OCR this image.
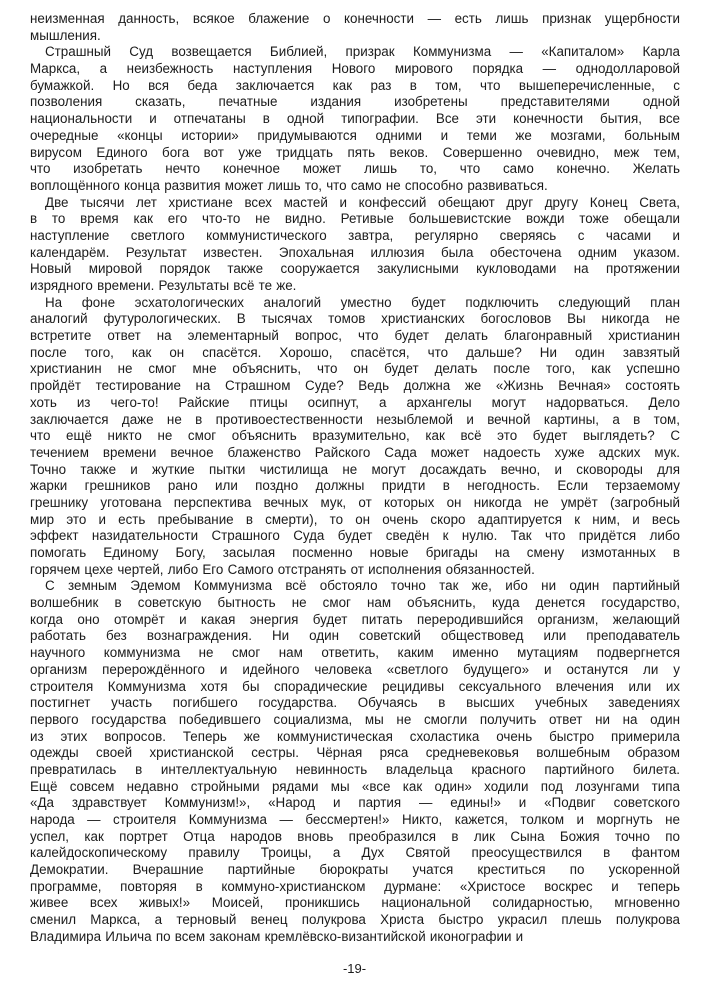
неизменная данность, всякое блажение о конечности — есть лишь признак ущербности
мышления.
Страшный Суд возвещается Библией, призрак Коммунизма — «Капиталом» Карла
Маркса, а неизбежность наступления Нового мирового порядка — однодолларовой
бумажкой. Но вся беда заключается как раз в том, что вышеперечисленные, с
позволения сказать, печатные издания изобретены представителями одной
национальности и отпечатаны в одной типографии. Все эти конечности бытия, все
очередные «концы истории» придумываются одними и теми же мозгами, больным
вирусом Единого бога вот уже тридцать пять веков. Совершенно очевидно, меж тем,
что изобретать нечто конечное может лишь то, что само конечно. Желать
воплощённого конца развития может лишь то, что само не способно развиваться.
Две тысячи лет христиане всех мастей и конфессий обещают друг другу Конец Света,
в то время как его что-то не видно. Ретивые большевистские вожди тоже обещали
наступление светлого коммунистического завтра, регулярно сверяясь с часами и
календарём. Результат известен. Эпохальная иллюзия была обесточена одним указом.
Новый мировой порядок также сооружается закулисными кукловодами на протяжении
изрядного времени. Результаты всё те же.
На фоне эсхатологических аналогий уместно будет подключить следующий план
аналогий футурологических. В тысячах томов христианских богословов Вы никогда не
встретите ответ на элементарный вопрос, что будет делать благонравный христианин
после того, как он спасётся. Хорошо, спасётся, что дальше? Ни один завзятый
христианин не смог мне объяснить, что он будет делать после того, как успешно
пройдёт тестирование на Страшном Суде? Ведь должна же «Жизнь Вечная» состоять
хоть из чего-то! Райские птицы осипнут, а архангелы могут надорваться. Дело
заключается даже не в противоестественности незыблемой и вечной картины, а в том,
что ещё никто не смог объяснить вразумительно, как всё это будет выглядеть? С
течением времени вечное блаженство Райского Сада может надоесть хуже адских мук.
Точно также и жуткие пытки чистилища не могут досаждать вечно, и сковороды для
жарки грешников рано или поздно должны придти в негодность. Если терзаемому
грешнику уготована перспектива вечных мук, от которых он никогда не умрёт (загробный
мир это и есть пребывание в смерти), то он очень скоро адаптируется к ним, и весь
эффект назидательности Страшного Суда будет сведён к нулю. Так что придётся либо
помогать Единому Богу, засылая посменно новые бригады на смену измотанных в
горячем цехе чертей, либо Его Самого отстранять от исполнения обязанностей.
С земным Эдемом Коммунизма всё обстояло точно так же, ибо ни один партийный
волшебник в советскую бытность не смог нам объяснить, куда денется государство,
когда оно отомрёт и какая энергия будет питать переродившийся организм, желающий
работать без вознаграждения. Ни один советский обществовед или преподаватель
научного коммунизма не смог нам ответить, каким именно мутациям подвергнется
организм перерождённого и идейного человека «светлого будущего» и останутся ли у
строителя Коммунизма хотя бы спорадические рецидивы сексуального влечения или их
постигнет участь погибшего государства. Обучаясь в высших учебных заведениях
первого государства победившего социализма, мы не смогли получить ответ ни на один
из этих вопросов. Теперь же коммунистическая схоластика очень быстро примерила
одежды своей христианской сестры. Чёрная ряса средневековья волшебным образом
превратилась в интеллектуальную невинность владельца красного партийного билета.
Ещё совсем недавно стройными рядами мы «все как один» ходили под лозунгами типа
«Да здравствует Коммунизм!», «Народ и партия — едины!» и «Подвиг советского
народа — строителя Коммунизма — бессмертен!» Никто, кажется, толком и моргнуть не
успел, как портрет Отца народов вновь преобразился в лик Сына Божия точно по
калейдоскопическому правилу Троицы, а Дух Святой преосуществился в фантом
Демократии. Вчерашние партийные бюрократы учатся креститься по ускоренной
программе, повторяя в коммуно-христианском дурмане: «Христосе воскрес и теперь
живее всех живых!» Моисей, проникшись национальной солидарностью, мгновенно
сменил Маркса, а терновый венец полукрова Христа быстро украсил плешь полукрова
Владимира Ильича по всем законам кремлёвско-византийской иконографии и
-19-
